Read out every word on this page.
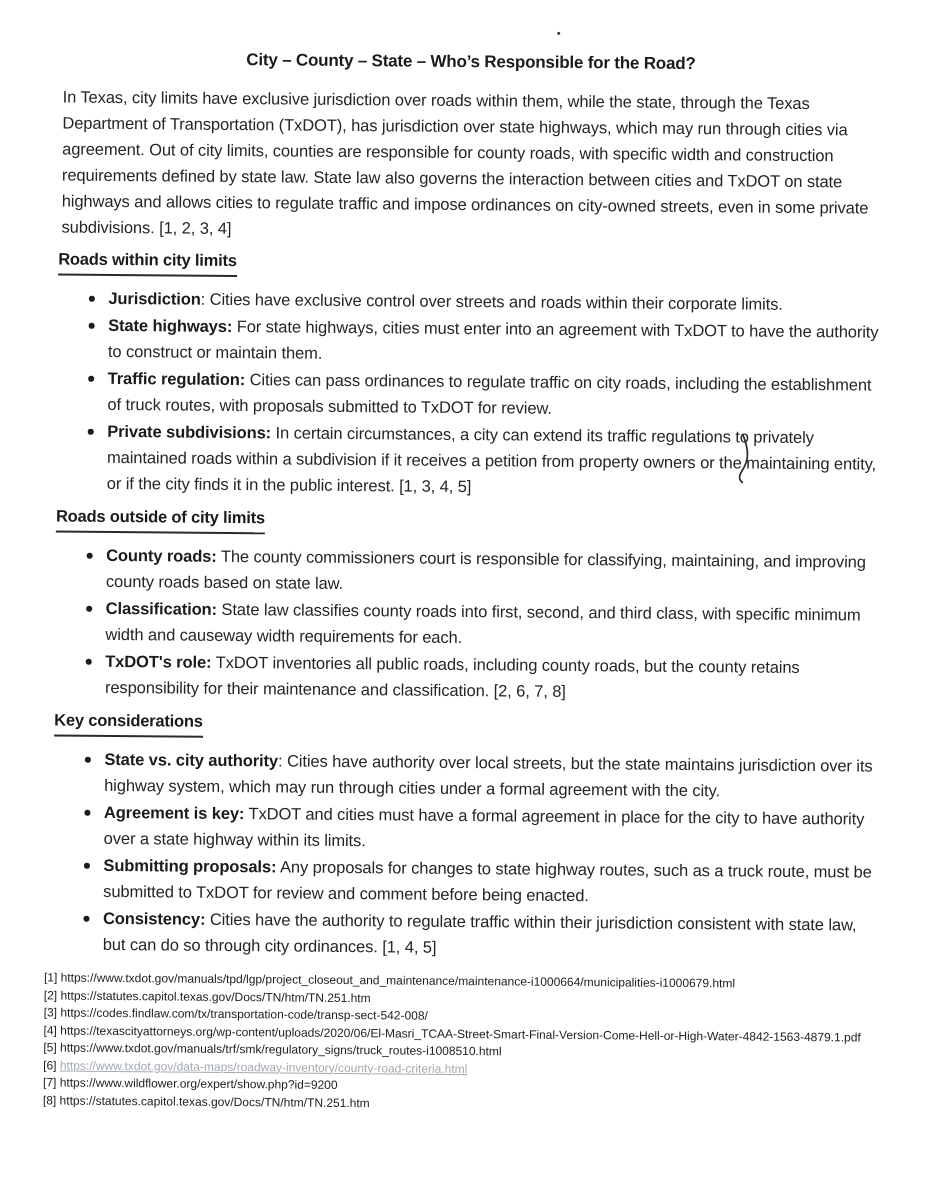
City – County – State – Who’s Responsible for the Road?

In Texas, city limits have exclusive jurisdiction over roads within them, while the state, through the Texas Department of Transportation (TxDOT), has jurisdiction over state highways, which may run through cities via agreement. Out of city limits, counties are responsible for county roads, with specific width and construction requirements defined by state law. State law also governs the interaction between cities and TxDOT on state highways and allows cities to regulate traffic and impose ordinances on city-owned streets, even in some private subdivisions. [1, 2, 3, 4]

Roads within city limits
Jurisdiction: Cities have exclusive control over streets and roads within their corporate limits.
State highways: For state highways, cities must enter into an agreement with TxDOT to have the authority to construct or maintain them.
Traffic regulation: Cities can pass ordinances to regulate traffic on city roads, including the establishment of truck routes, with proposals submitted to TxDOT for review.
Private subdivisions: In certain circumstances, a city can extend its traffic regulations to privately maintained roads within a subdivision if it receives a petition from property owners or the maintaining entity, or if the city finds it in the public interest. [1, 3, 4, 5]
Roads outside of city limits
County roads: The county commissioners court is responsible for classifying, maintaining, and improving county roads based on state law.
Classification: State law classifies county roads into first, second, and third class, with specific minimum width and causeway width requirements for each.
TxDOT's role: TxDOT inventories all public roads, including county roads, but the county retains responsibility for their maintenance and classification. [2, 6, 7, 8]
Key considerations
State vs. city authority: Cities have authority over local streets, but the state maintains jurisdiction over its highway system, which may run through cities under a formal agreement with the city.
Agreement is key: TxDOT and cities must have a formal agreement in place for the city to have authority over a state highway within its limits.
Submitting proposals: Any proposals for changes to state highway routes, such as a truck route, must be submitted to TxDOT for review and comment before being enacted.
Consistency: Cities have the authority to regulate traffic within their jurisdiction consistent with state law, but can do so through city ordinances. [1, 4, 5]
[1] https://www.txdot.gov/manuals/tpd/lgp/project_closeout_and_maintenance/maintenance-i1000664/municipalities-i1000679.html
[2] https://statutes.capitol.texas.gov/Docs/TN/htm/TN.251.htm
[3] https://codes.findlaw.com/tx/transportation-code/transp-sect-542-008/
[4] https://texascityattorneys.org/wp-content/uploads/2020/06/El-Masri_TCAA-Street-Smart-Final-Version-Come-Hell-or-High-Water-4842-1563-4879.1.pdf
[5] https://www.txdot.gov/manuals/trf/smk/regulatory_signs/truck_routes-i1008510.html
[6] https://www.txdot.gov/data-maps/roadway-inventory/county-road-criteria.html
[7] https://www.wildflower.org/expert/show.php?id=9200
[8] https://statutes.capitol.texas.gov/Docs/TN/htm/TN.251.htm
